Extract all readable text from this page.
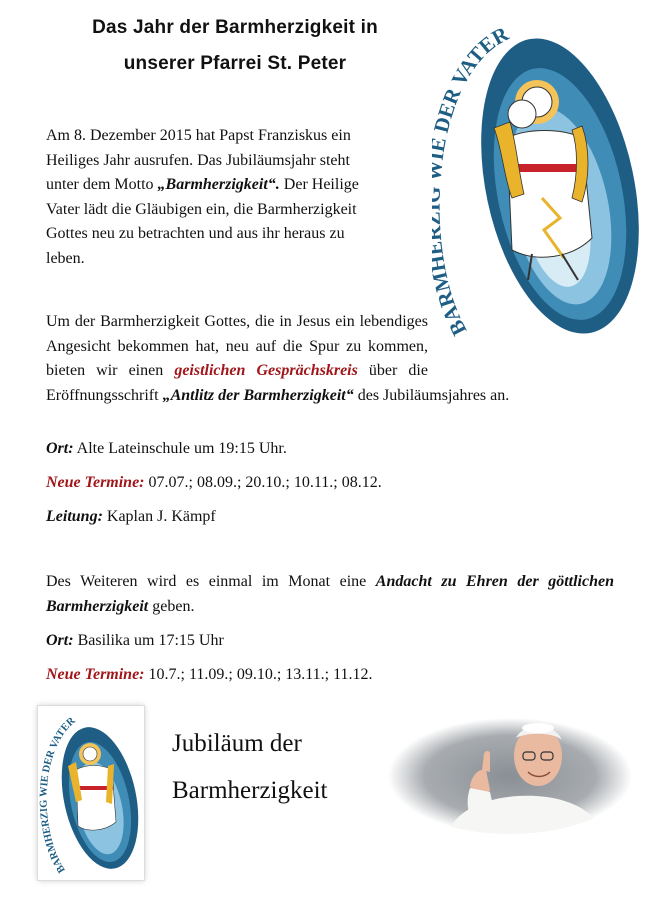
Das Jahr der Barmherzigkeit in
unserer Pfarrei St. Peter
BAR ER VATER
Am 8. Dezember 2015 hat Papst Franziskus ein
Heiliges Jahr ausrufen. Das Jubiläumsjahr steht
unter dem Motto „Barmherzigkeit“. Der Heilige
Vater lädt die Gläubigen ein, die Barmherzigkeit
Gottes neu zu betrachten und aus ihr heraus zu
leben.
Um der Barmherzigkeit Gottes, die in Jesus ein lebendiges Angesicht bekommen hat, neu auf die Spur zu kommen, bieten wir einen geistlichen Gesprächskreis über die Eröffnungsschrift „Antlitz der Barmherzigkeit“ des Jubiläumsjahres an.
Ort: Alte Lateinschule um 19:15 Uhr.
Neue Termine: 07.07.; 08.09.; 20.10.; 10.11.; 08.12.
Leitung: Kaplan J. Kämpf
Des Weiteren wird es einmal im Monat eine Andacht zu Ehren der göttlichen Barmherzigkeit geben.
Ort: Basilika um 17:15 Uhr
Neue Termine: 10.7.; 11.09.; 09.10.; 13.11.; 11.12.
BARMHERZIG WIE DER VATER
Jubiläum der
Barmherzigkeit
